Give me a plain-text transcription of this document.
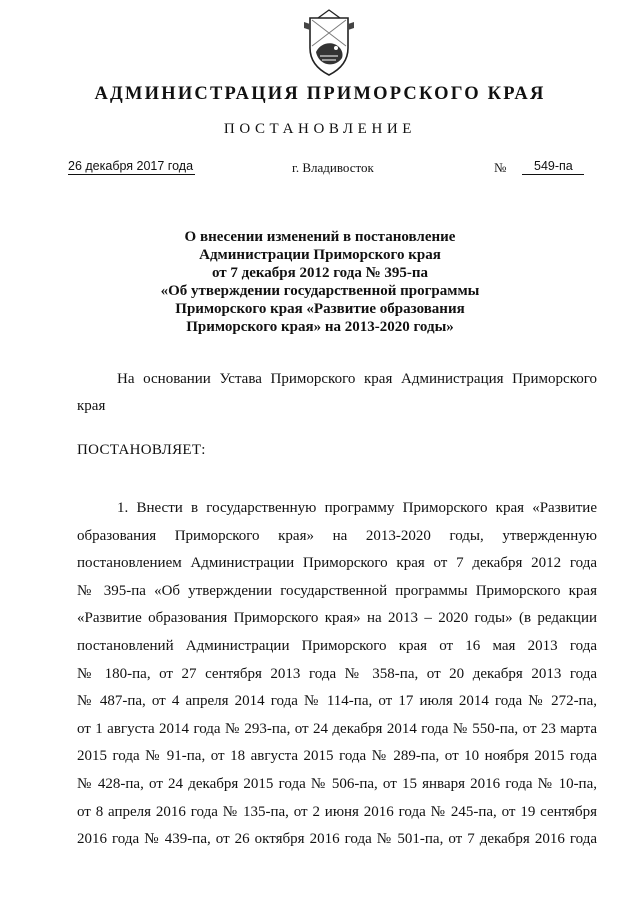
АДМИНИСТРАЦИЯ ПРИМОРСКОГО КРАЯ
ПОСТАНОВЛЕНИЕ
26 декабря 2017 года	г. Владивосток	№	549-па
О внесении изменений в постановление
Администрации Приморского края
от 7 декабря 2012 года № 395-па
«Об утверждении государственной программы
Приморского края «Развитие образования
Приморского края» на 2013-2020 годы»
На основании Устава Приморского края Администрация Приморского края
ПОСТАНОВЛЯЕТ:
1. Внести в государственную программу Приморского края «Развитие
образования Приморского края» на 2013-2020 годы, утвержденную
постановлением Администрации Приморского края от 7 декабря 2012 года
№ 395-па «Об утверждении государственной программы Приморского края
«Развитие образования Приморского края» на 2013 – 2020 годы» (в редакции
постановлений Администрации Приморского края от 16 мая 2013 года
№ 180-па, от 27 сентября 2013 года № 358-па, от 20 декабря 2013 года
№ 487-па, от 4 апреля 2014 года № 114-па, от 17 июля 2014 года № 272-па,
от 1 августа 2014 года № 293-па, от 24 декабря 2014 года № 550-па, от 23 марта
2015 года № 91-па, от 18 августа 2015 года № 289-па, от 10 ноября 2015 года
№ 428-па, от 24 декабря 2015 года № 506-па, от 15 января 2016 года № 10-па,
от 8 апреля 2016 года № 135-па, от 2 июня 2016 года № 245-па, от 19 сентября
2016 года № 439-па, от 26 октября 2016 года № 501-па, от 7 декабря 2016 года
